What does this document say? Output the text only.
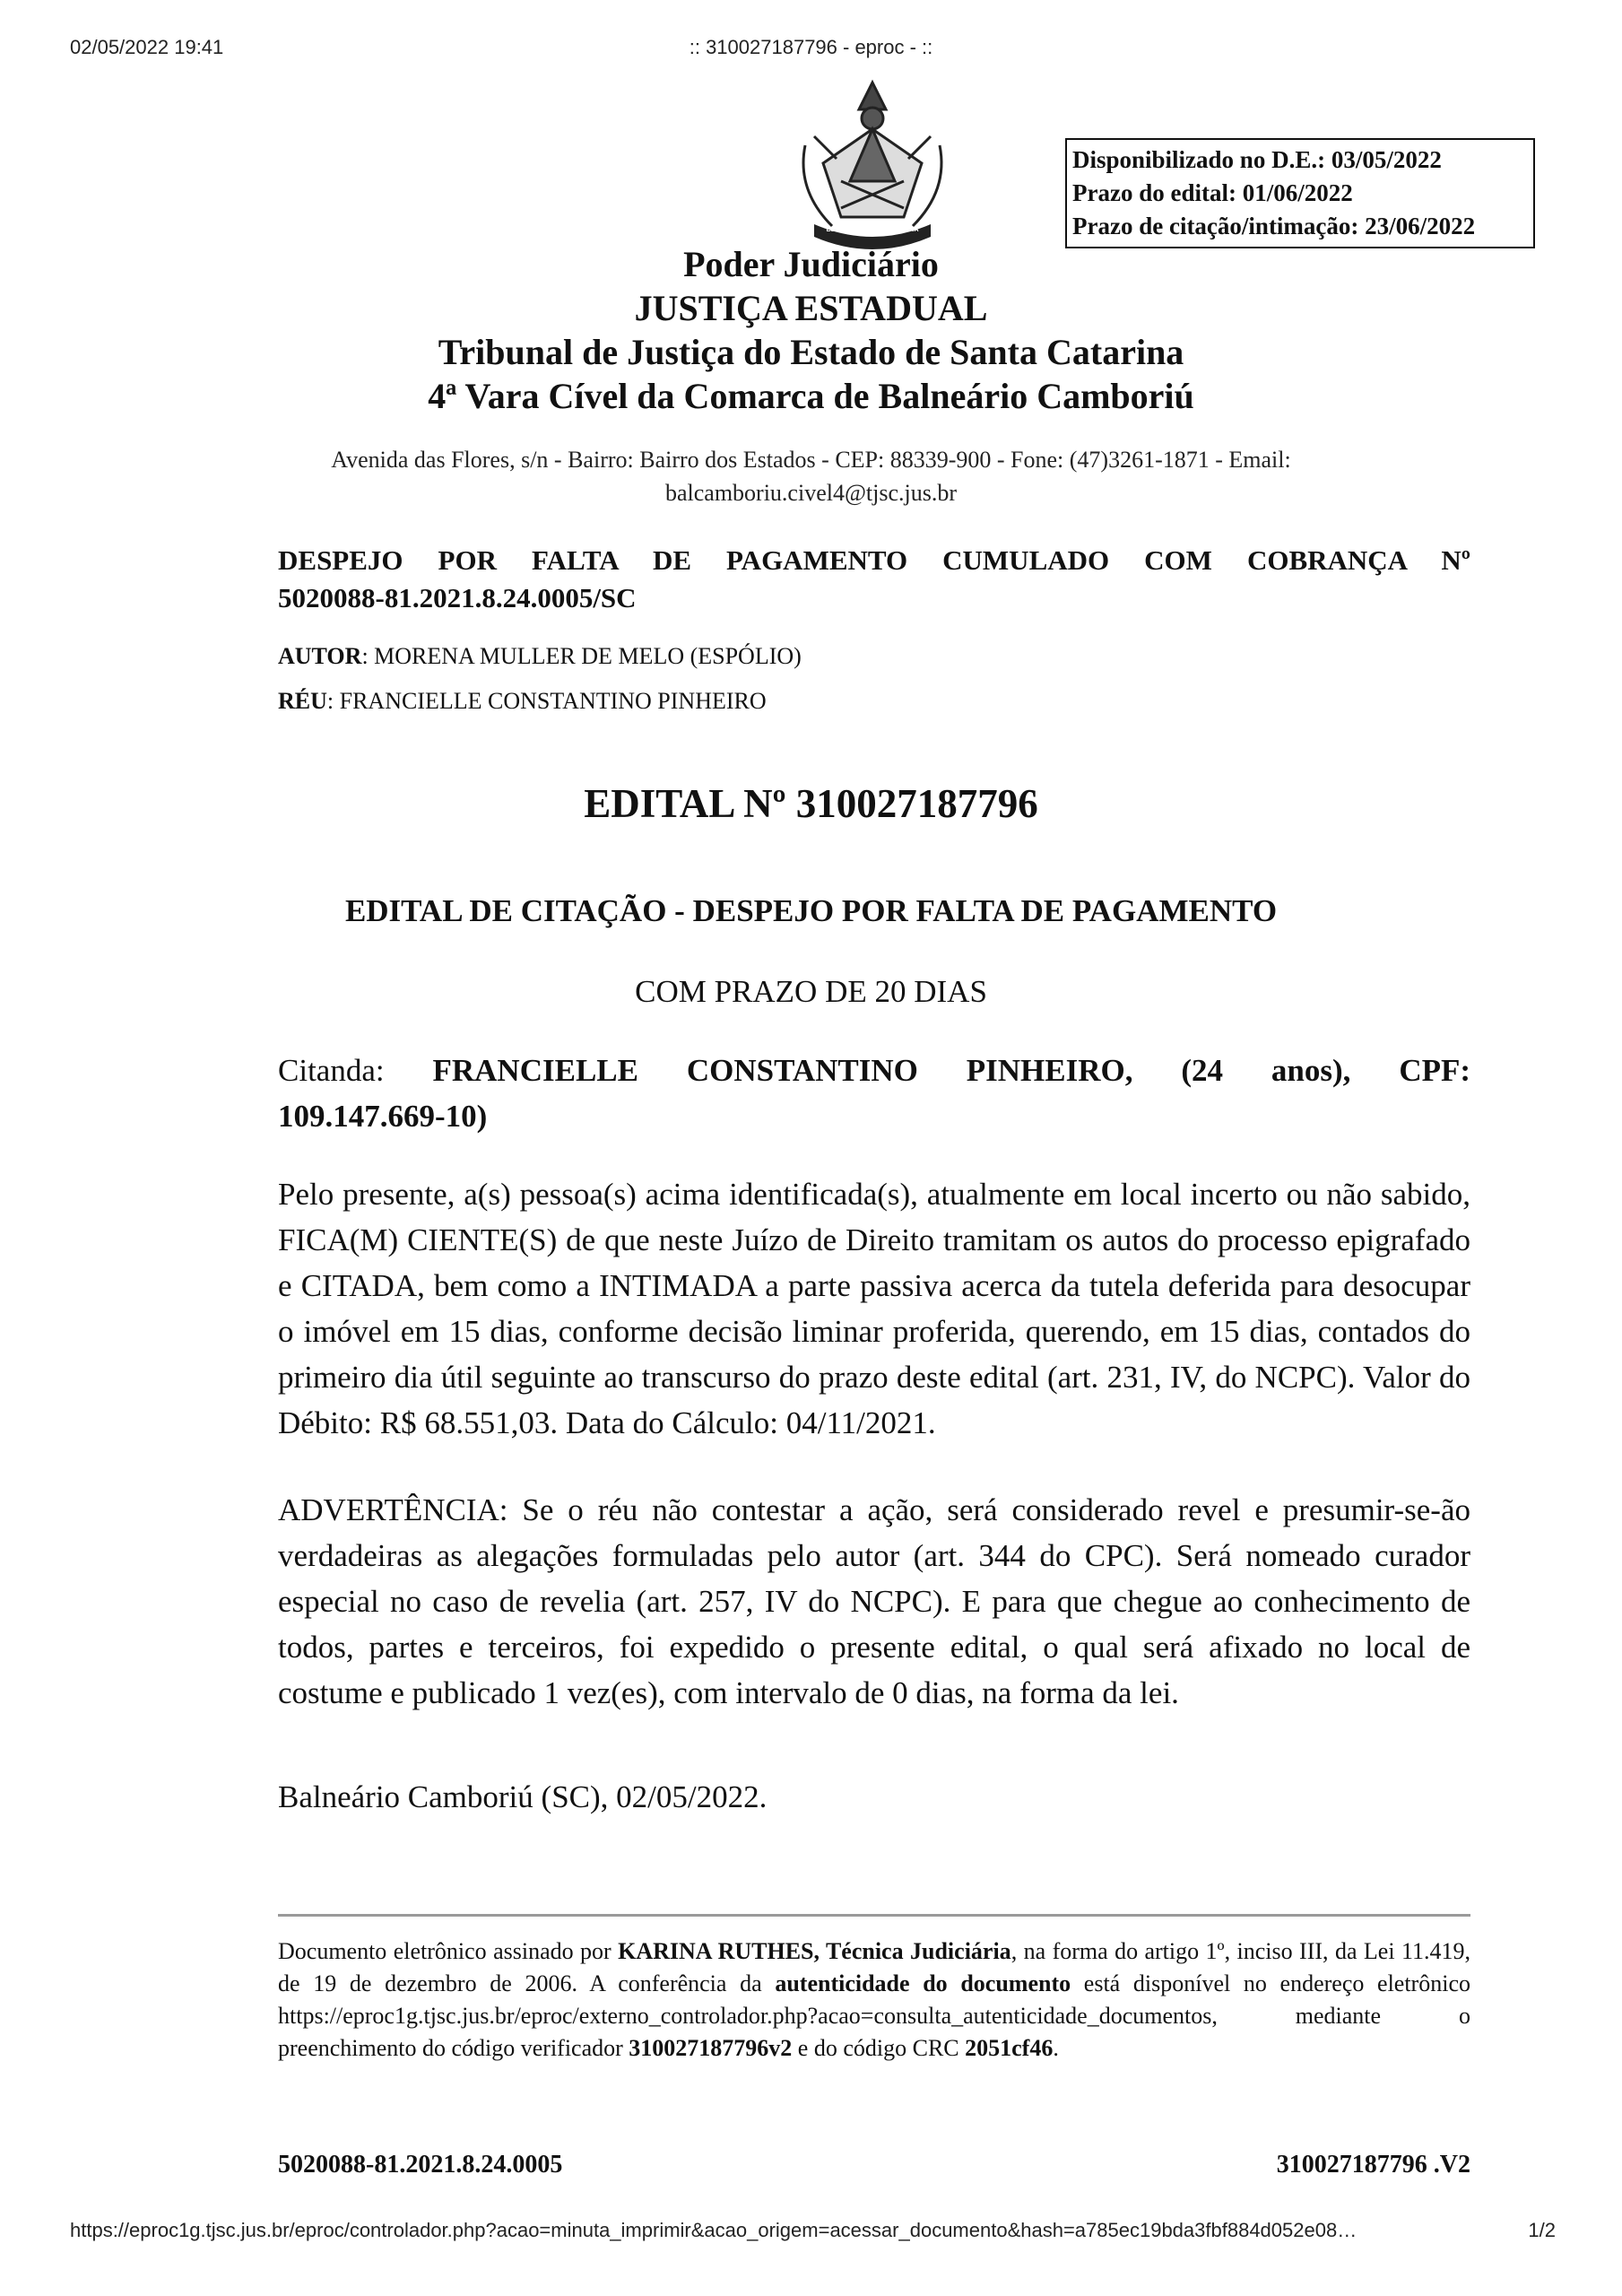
02/05/2022 19:41	:: 310027187796 - eproc - ::
ESTADO DE SANTA CATARINA
Disponibilizado no D.E.: 03/05/2022
Prazo do edital: 01/06/2022
Prazo de citação/intimação: 23/06/2022
Poder Judiciário
JUSTIÇA ESTADUAL
Tribunal de Justiça do Estado de Santa Catarina
4ª Vara Cível da Comarca de Balneário Camboriú
Avenida das Flores, s/n - Bairro: Bairro dos Estados - CEP: 88339-900 - Fone: (47)3261-1871 - Email:
balcamboriu.civel4@tjsc.jus.br
DESPEJO POR FALTA DE PAGAMENTO CUMULADO COM COBRANÇA Nº
5020088-81.2021.8.24.0005/SC
AUTOR: MORENA MULLER DE MELO (ESPÓLIO)
RÉU: FRANCIELLE CONSTANTINO PINHEIRO
EDITAL Nº 310027187796
EDITAL DE CITAÇÃO - DESPEJO POR FALTA DE PAGAMENTO
COM PRAZO DE 20 DIAS
Citanda: FRANCIELLE CONSTANTINO PINHEIRO, (24 anos), CPF:
109.147.669-10)
Pelo presente, a(s) pessoa(s) acima identificada(s), atualmente em local incerto ou não sabido, FICA(M) CIENTE(S) de que neste Juízo de Direito tramitam os autos do processo epigrafado e CITADA, bem como a INTIMADA a parte passiva acerca da tutela deferida para desocupar o imóvel em 15 dias, conforme decisão liminar proferida, querendo, em 15 dias, contados do primeiro dia útil seguinte ao transcurso do prazo deste edital (art. 231, IV, do NCPC). Valor do Débito: R$ 68.551,03. Data do Cálculo: 04/11/2021.
ADVERTÊNCIA: Se o réu não contestar a ação, será considerado revel e presumir-se-ão verdadeiras as alegações formuladas pelo autor (art. 344 do CPC). Será nomeado curador especial no caso de revelia (art. 257, IV do NCPC). E para que chegue ao conhecimento de todos, partes e terceiros, foi expedido o presente edital, o qual será afixado no local de costume e publicado 1 vez(es), com intervalo de 0 dias, na forma da lei.
Balneário Camboriú (SC), 02/05/2022.
Documento eletrônico assinado por KARINA RUTHES, Técnica Judiciária, na forma do artigo 1º, inciso III, da Lei 11.419, de 19 de dezembro de 2006. A conferência da autenticidade do documento está disponível no endereço eletrônico https://eproc1g.tjsc.jus.br/eproc/externo_controlador.php?acao=consulta_autenticidade_documentos, mediante o preenchimento do código verificador 310027187796v2 e do código CRC 2051cf46.
5020088-81.2021.8.24.0005	310027187796 .V2
https://eproc1g.tjsc.jus.br/eproc/controlador.php?acao=minuta_imprimir&acao_origem=acessar_documento&hash=a785ec19bda3fbf884d052e08…	1/2
